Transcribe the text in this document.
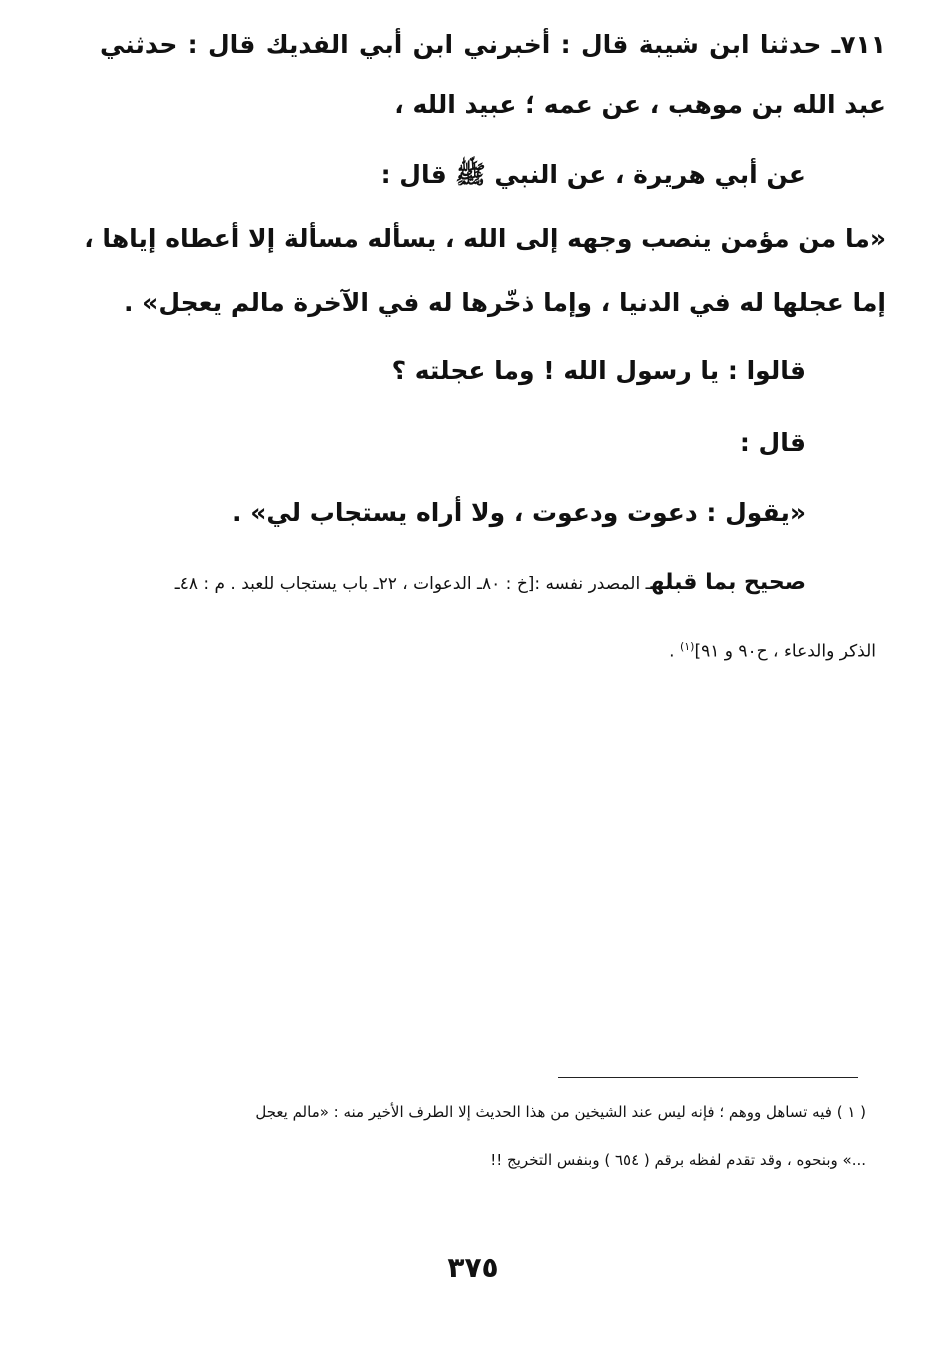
٧١١ـ حدثنا ابن شيبة قال : أخبرني ابن أبي الفديك قال : حدثني
عبد الله بن موهب ، عن عمه ؛ عبيد الله ،
عن أبي هريرة ، عن النبي ﷺ قال :
«ما من مؤمن ينصب وجهه إلى الله ، يسأله مسألة إلا أعطاه إياها ،
إما عجلها له في الدنيا ، وإما ذخّرها له في الآخرة مالم يعجل» .
قالوا : يا رسول الله ! وما عجلته ؟
قال :
«يقول : دعوت ودعوت ، ولا أراه يستجاب لي» .
صحيح بما قبلهـ المصدر نفسه :[خ : ٨٠ـ الدعوات ، ٢٢ـ باب يستجاب للعبد . م : ٤٨ـ
الذكر والدعاء ، ح٩٠ و ٩١]$^{(١)}$ .
( ١ ) فيه تساهل ووهم ؛ فإنه ليس عند الشيخين من هذا الحديث إلا الطرف الأخير منه : «مالم يعجل
...» وبنحوه ، وقد تقدم لفظه برقم ( ٦٥٤ ) وبنفس التخريج !!
٣٧٥
